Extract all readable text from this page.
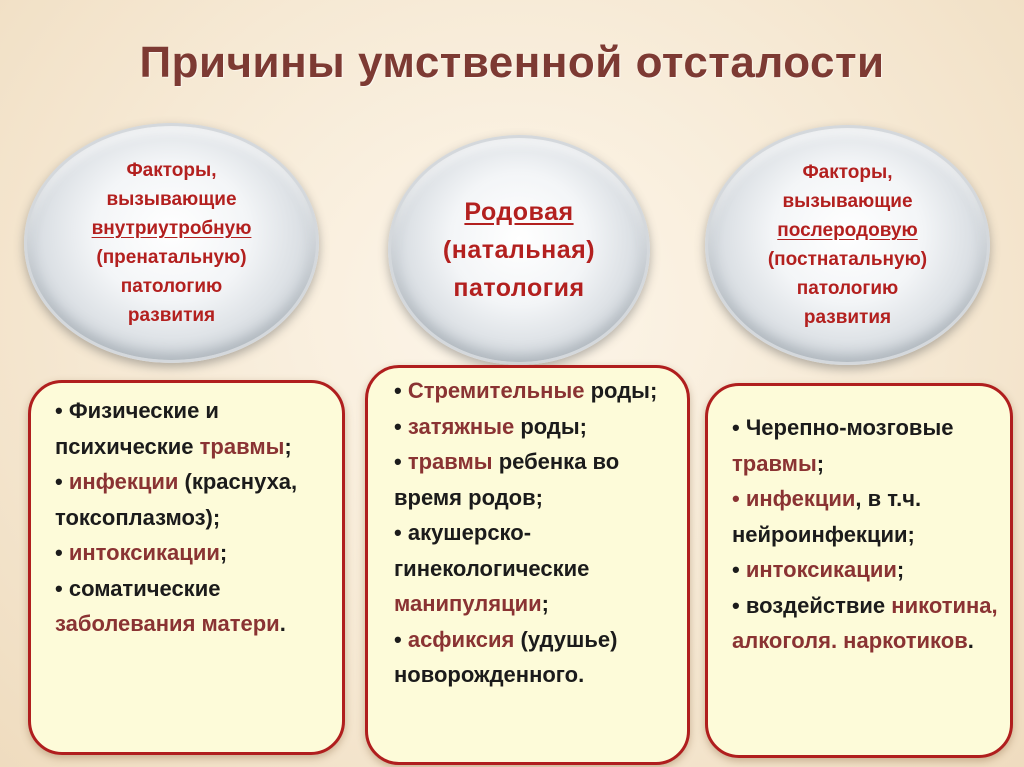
Причины умственной отсталости
Факторы,
вызывающие
внутриутробную
(пренатальную)
патологию
развития
Родовая
(натальная)
патология
Факторы,
вызывающие
послеродовую
(постнатальную)
патологию
развития

• Физические и психические травмы;

• инфекции (краснуха, токсоплазмоз);

• интоксикации;

• соматические заболевания матери.

• Стремительные роды;

• затяжные роды;

• травмы ребенка во время родов;

• акушерско-гинекологические манипуляции;

• асфиксия (удушье) новорожденного.

• Черепно-мозговые травмы;

• инфекции, в т.ч. нейроинфекции;

• интоксикации;

• воздействие никотина, алкоголя. наркотиков.
